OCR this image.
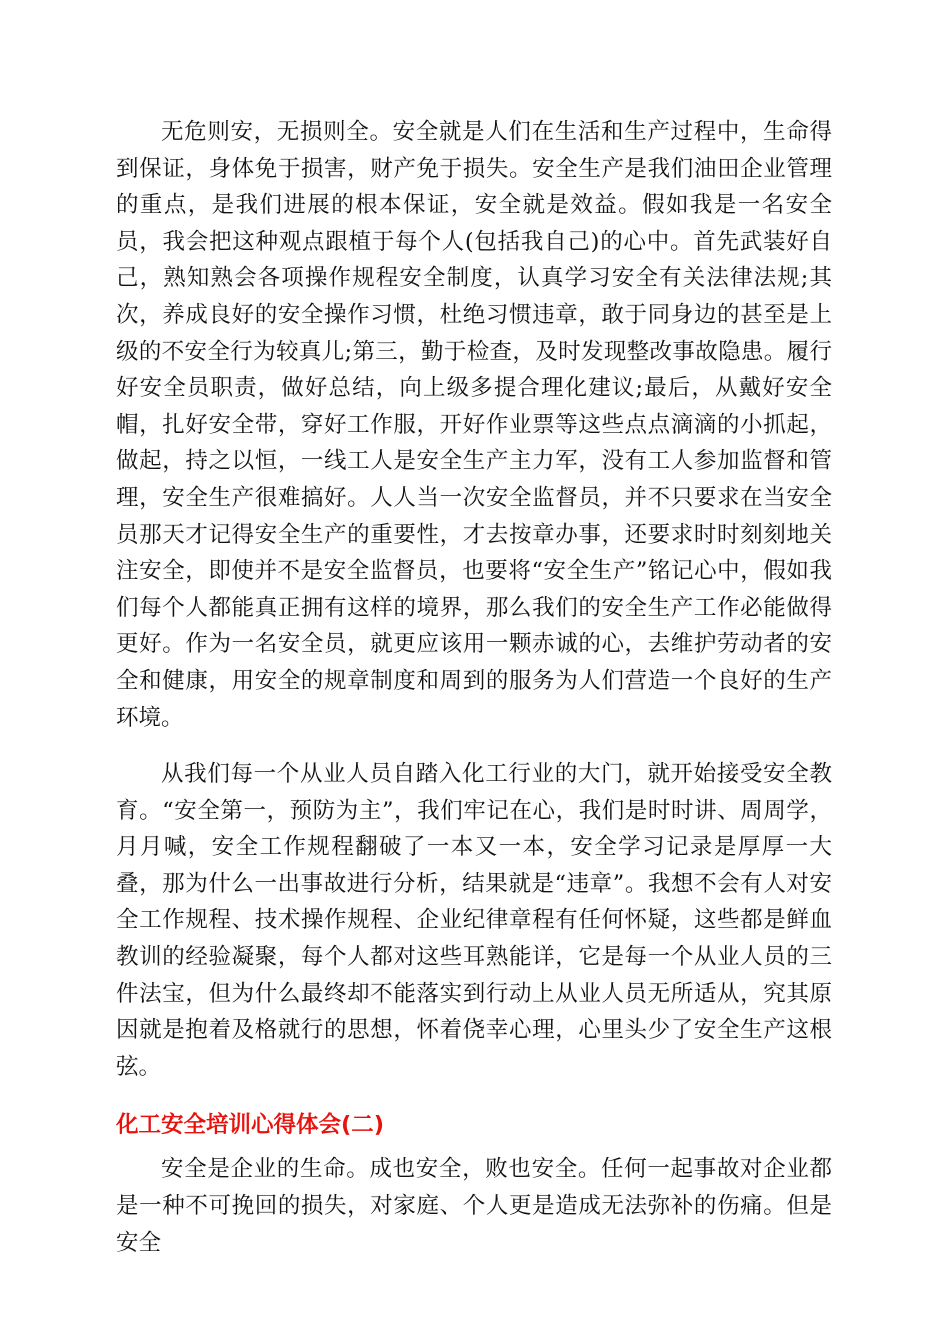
无危则安，无损则全。安全就是人们在生活和生产过程中，生命得到保证，身体免于损害，财产免于损失。安全生产是我们油田企业管理的重点，是我们进展的根本保证，安全就是效益。假如我是一名安全员，我会把这种观点跟植于每个人(包括我自己)的心中。首先武装好自己，熟知熟会各项操作规程安全制度，认真学习安全有关法律法规;其次，养成良好的安全操作习惯，杜绝习惯违章，敢于同身边的甚至是上级的不安全行为较真儿;第三，勤于检查，及时发现整改事故隐患。履行好安全员职责，做好总结，向上级多提合理化建议;最后，从戴好安全帽，扎好安全带，穿好工作服，开好作业票等这些点点滴滴的小抓起，做起，持之以恒，一线工人是安全生产主力军，没有工人参加监督和管理，安全生产很难搞好。人人当一次安全监督员，并不只要求在当安全员那天才记得安全生产的重要性，才去按章办事，还要求时时刻刻地关注安全，即使并不是安全监督员，也要将“安全生产”铭记心中，假如我们每个人都能真正拥有这样的境界，那么我们的安全生产工作必能做得更好。作为一名安全员，就更应该用一颗赤诚的心，去维护劳动者的安全和健康，用安全的规章制度和周到的服务为人们营造一个良好的生产环境。

从我们每一个从业人员自踏入化工行业的大门，就开始接受安全教育。“安全第一，预防为主”，我们牢记在心，我们是时时讲、周周学，月月喊，安全工作规程翻破了一本又一本，安全学习记录是厚厚一大叠，那为什么一出事故进行分析，结果就是“违章”。我想不会有人对安全工作规程、技术操作规程、企业纪律章程有任何怀疑，这些都是鲜血教训的经验凝聚，每个人都对这些耳熟能详，它是每一个从业人员的三件法宝，但为什么最终却不能落实到行动上从业人员无所适从，究其原因就是抱着及格就行的思想，怀着侥幸心理，心里头少了安全生产这根弦。

化工安全培训心得体会(二)

安全是企业的生命。成也安全，败也安全。任何一起事故对企业都是一种不可挽回的损失，对家庭、个人更是造成无法弥补的伤痛。但是安全
